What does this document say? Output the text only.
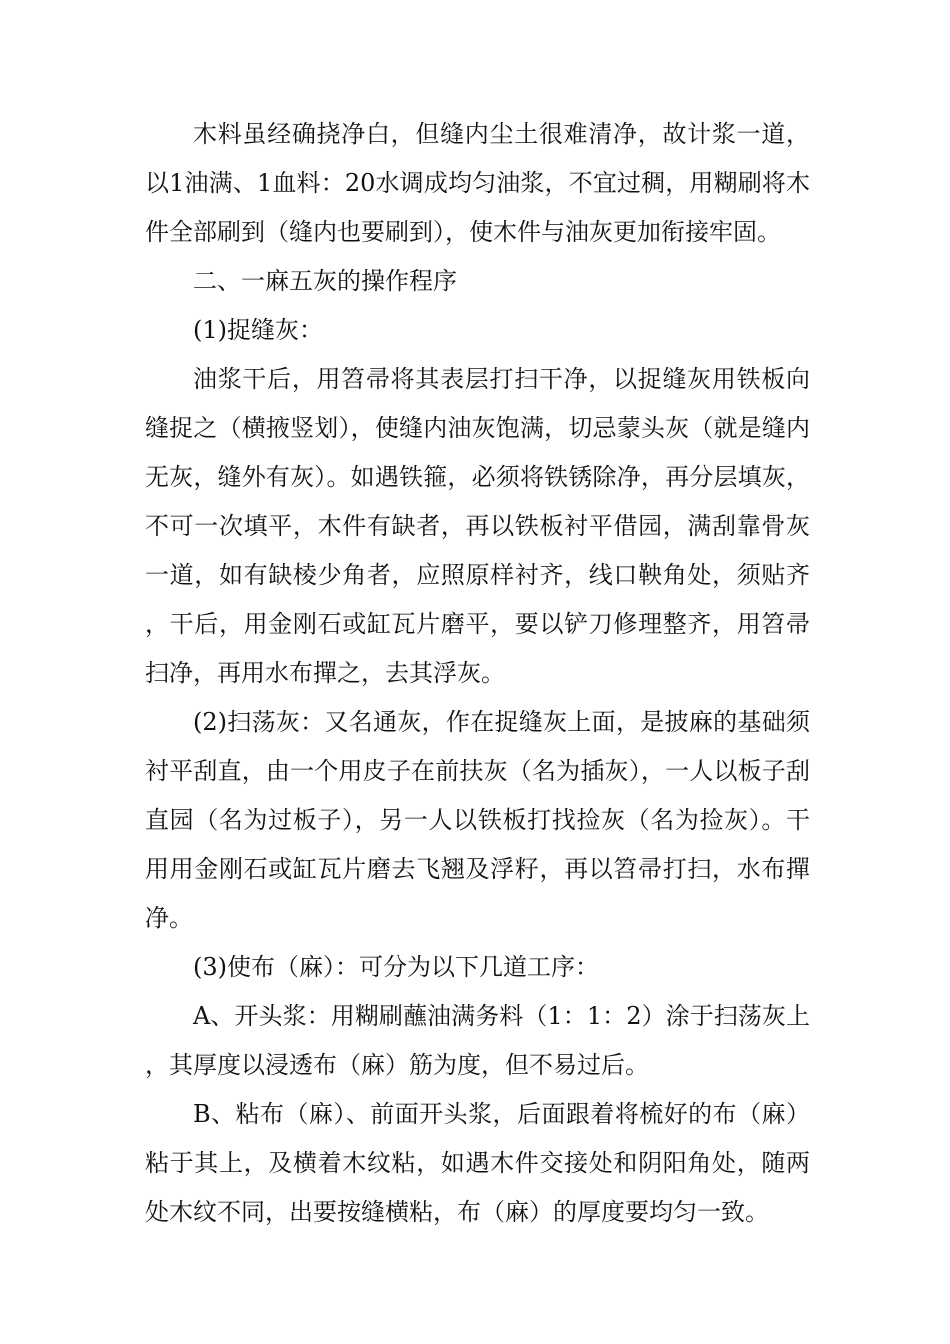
木料虽经确挠净白，但缝内尘土很难清净，故计浆一道，以1油满、1血料：20水调成均匀油浆，不宜过稠，用糊刷将木件全部刷到（缝内也要刷到），使木件与油灰更加衔接牢固。

二、一麻五灰的操作程序

(1)捉缝灰：

油浆干后，用笤帚将其表层打扫干净，以捉缝灰用铁板向缝捉之（横掖竖划），使缝内油灰饱满，切忌蒙头灰（就是缝内无灰，缝外有灰）。如遇铁箍，必须将铁锈除净，再分层填灰，不可一次填平，木件有缺者，再以铁板衬平借园，满刮靠骨灰一道，如有缺棱少角者，应照原样衬齐，线口鞅角处，须贴齐，干后，用金刚石或缸瓦片磨平，要以铲刀修理整齐，用笤帚扫净，再用水布撣之，去其浮灰。

(2)扫荡灰：又名通灰，作在捉缝灰上面，是披麻的基础须衬平刮直，由一个用皮子在前扶灰（名为插灰），一人以板子刮直园（名为过板子），另一人以铁板打找捡灰（名为捡灰）。干用用金刚石或缸瓦片磨去飞翘及浮籽，再以笤帚打扫，水布撣净。

(3)使布（麻）：可分为以下几道工序：

A、开头浆：用糊刷蘸油满务料（1：1：2）涂于扫荡灰上，其厚度以浸透布（麻）筋为度，但不易过后。

B、粘布（麻）、前面开头浆，后面跟着将梳好的布（麻）粘于其上，及横着木纹粘，如遇木件交接处和阴阳角处，随两处木纹不同，出要按缝横粘，布（麻）的厚度要均匀一致。
